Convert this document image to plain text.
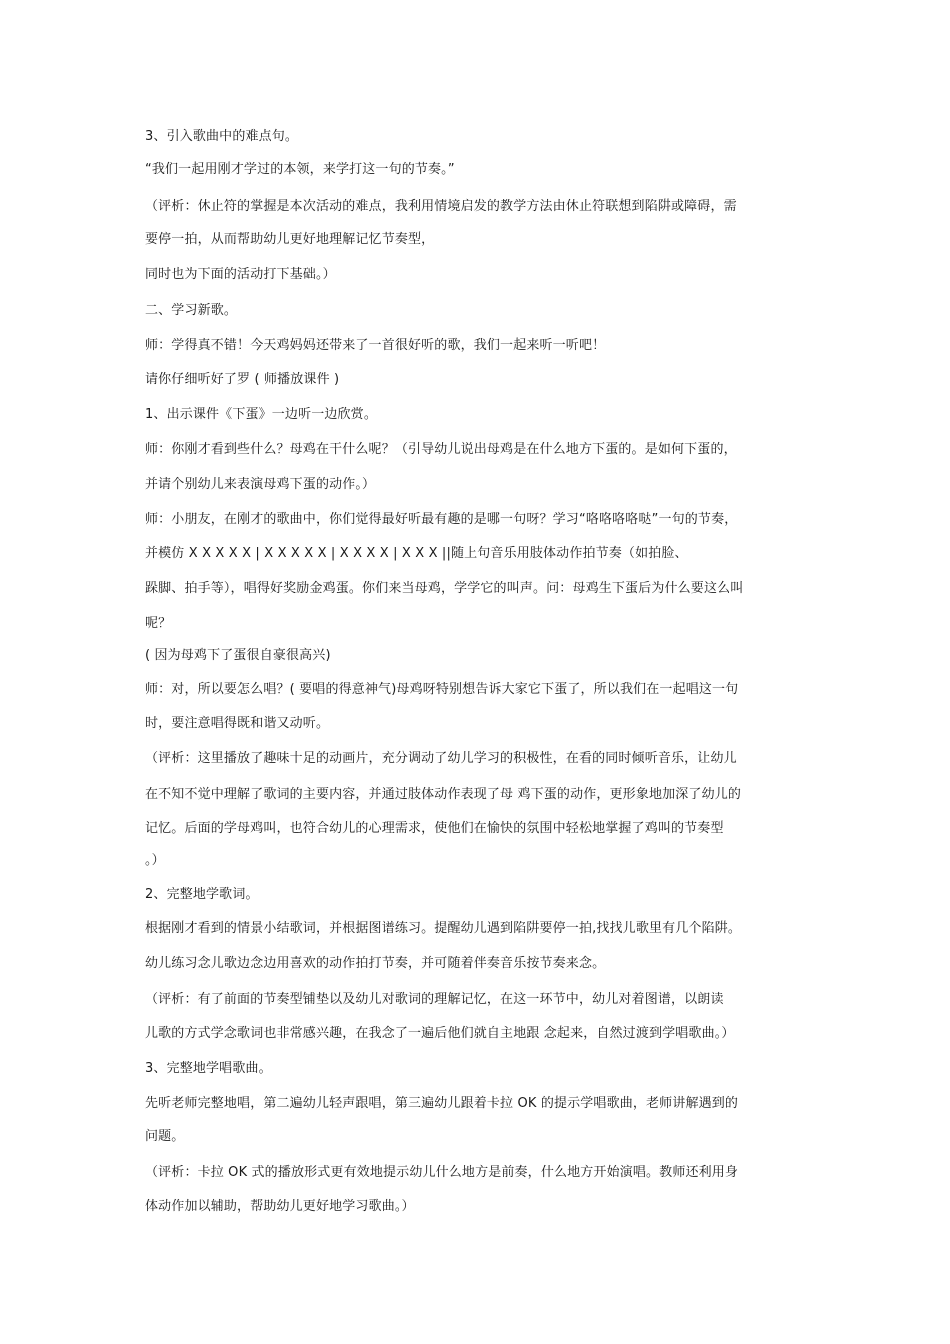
3、引入歌曲中的难点句。
“我们一起用刚才学过的本领，来学打这一句的节奏。”
（评析：休止符的掌握是本次活动的难点，我利用情境启发的教学方法由休止符联想到陷阱或障碍，需
要停一拍，从而帮助幼儿更好地理解记忆节奏型，
同时也为下面的活动打下基础。）
二、学习新歌。
师：学得真不错！今天鸡妈妈还带来了一首很好听的歌，我们一起来听一听吧！
请你仔细听好了罗 ( 师播放课件 )
1、出示课件《下蛋》一边听一边欣赏。
师：你刚才看到些什么？母鸡在干什么呢？（引导幼儿说出母鸡是在什么地方下蛋的。是如何下蛋的，
并请个别幼儿来表演母鸡下蛋的动作。）
师：小朋友，在刚才的歌曲中，你们觉得最好听最有趣的是哪一句呀？学习“咯咯咯咯哒”一句的节奏，
并模仿 X X X X X | X X X X X | X X X X | X X X ||随上句音乐用肢体动作拍节奏（如拍脸、
跺脚、拍手等），唱得好奖励金鸡蛋。你们来当母鸡，学学它的叫声。问：母鸡生下蛋后为什么要这么叫
呢？
( 因为母鸡下了蛋很自豪很高兴)
师：对，所以要怎么唱？( 要唱的得意神气)母鸡呀特别想告诉大家它下蛋了，所以我们在一起唱这一句
时，要注意唱得既和谐又动听。
（评析：这里播放了趣味十足的动画片，充分调动了幼儿学习的积极性，在看的同时倾听音乐，让幼儿
在不知不觉中理解了歌词的主要内容，并通过肢体动作表现了母 鸡下蛋的动作，更形象地加深了幼儿的
记忆。后面的学母鸡叫，也符合幼儿的心理需求，使他们在愉快的氛围中轻松地掌握了鸡叫的节奏型
。）
2、完整地学歌词。
根据刚才看到的情景小结歌词，并根据图谱练习。提醒幼儿遇到陷阱要停一拍,找找儿歌里有几个陷阱。
幼儿练习念儿歌边念边用喜欢的动作拍打节奏，并可随着伴奏音乐按节奏来念。
（评析：有了前面的节奏型铺垫以及幼儿对歌词的理解记忆，在这一环节中，幼儿对着图谱，以朗读
儿歌的方式学念歌词也非常感兴趣，在我念了一遍后他们就自主地跟 念起来，自然过渡到学唱歌曲。）
3、完整地学唱歌曲。
先听老师完整地唱，第二遍幼儿轻声跟唱，第三遍幼儿跟着卡拉 OK 的提示学唱歌曲，老师讲解遇到的
问题。
（评析：卡拉 OK 式的播放形式更有效地提示幼儿什么地方是前奏，什么地方开始演唱。教师还利用身
体动作加以辅助，帮助幼儿更好地学习歌曲。）
